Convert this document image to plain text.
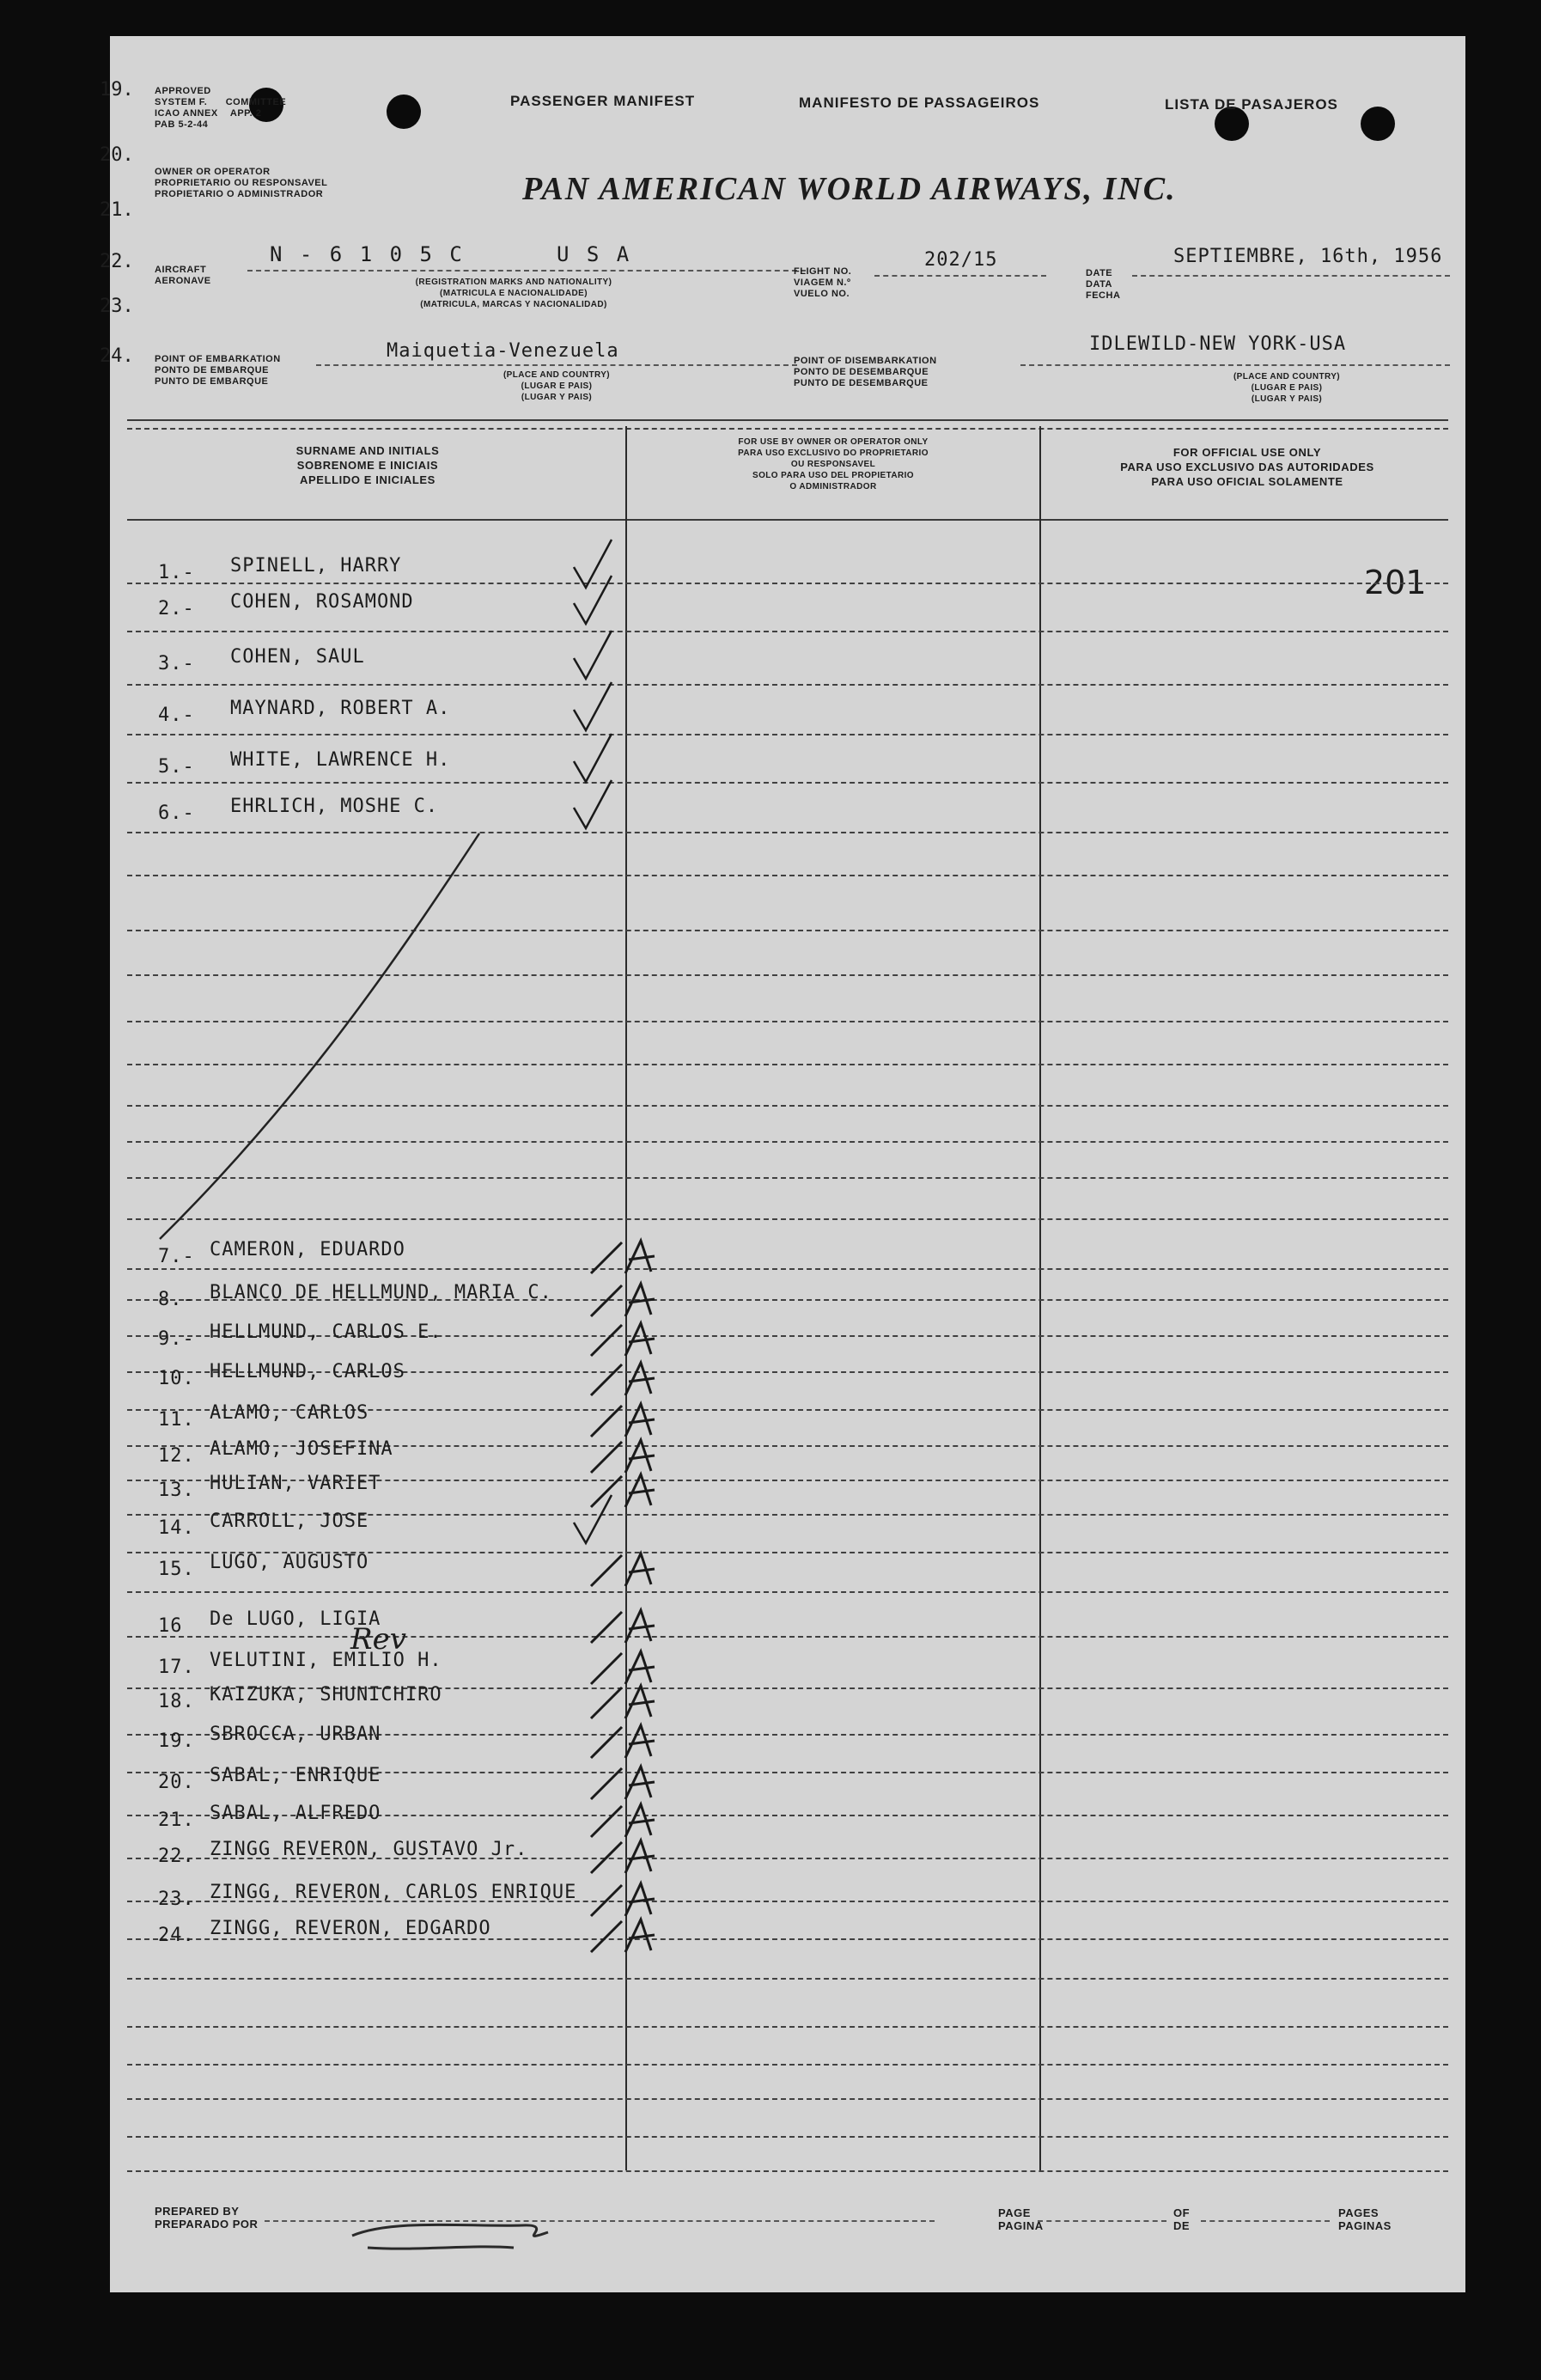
19.
20.
21.
22.
23.
24.
APPROVED
SYSTEM F. COMMITTEE
ICAO ANNEX APP. 2
PAB 5-2-44
PASSENGER MANIFEST	MANIFESTO DE PASSAGEIROS	LISTA DE PASAJEROS
OWNER OR OPERATOR
PROPRIETARIO OU RESPONSAVEL
PROPIETARIO O ADMINISTRADOR	PAN AMERICAN WORLD AIRWAYS, INC.
AIRCRAFT
AERONAVE
N - 6 1 0 5 C	U S A
(REGISTRATION MARKS AND NATIONALITY)
(MATRICULA E NACIONALIDADE)
(MATRICULA, MARCAS Y NACIONALIDAD)
FLIGHT NO.
VIAGEM N.º
VUELO NO.
202/15
DATE
DATA
FECHA
SEPTIEMBRE, 16th, 1956
POINT OF EMBARKATION
PONTO DE EMBARQUE
PUNTO DE EMBARQUE
Maiquetia-Venezuela
(PLACE AND COUNTRY)
(LUGAR E PAIS)
(LUGAR Y PAIS)
POINT OF DISEMBARKATION
PONTO DE DESEMBARQUE
PUNTO DE DESEMBARQUE
IDLEWILD-NEW YORK-USA
(PLACE AND COUNTRY)
(LUGAR E PAIS)
(LUGAR Y PAIS)
SURNAME AND INITIALS
SOBRENOME E INICIAIS
APELLIDO E INICIALES
FOR USE BY OWNER OR OPERATOR ONLY
PARA USO EXCLUSIVO DO PROPRIETARIO
OU RESPONSAVEL
SOLO PARA USO DEL PROPIETARIO
O ADMINISTRADOR
FOR OFFICIAL USE ONLY
PARA USO EXCLUSIVO DAS AUTORIDADES
PARA USO OFICIAL SOLAMENTE
201
1.- SPINELL, HARRY
2.- COHEN, ROSAMOND
3.- COHEN, SAUL
4.- MAYNARD, ROBERT A.
5.- WHITE, LAWRENCE H.
6.- EHRLICH, MOSHE C.
7.- CAMERON, EDUARDO
8.- BLANCO DE HELLMUND, MARIA C.
9.- HELLMUND, CARLOS E.
10. HELLMUND, CARLOS
11. ALAMO, CARLOS
12. ALAMO, JOSEFINA
13. HULIAN, VARIET
14. CARROLL, JOSE
15. LUGO, AUGUSTO
16 De LUGO, LIGIA
17. VELUTINI, EMILIO H.
18. KAIZUKA, SHUNICHIRO
19. SBROCCA, URBAN
20. SABAL, ENRIQUE
21. SABAL, ALFREDO
22. ZINGG REVERON, GUSTAVO Jr.
23. ZINGG, REVERON, CARLOS ENRIQUE
24. ZINGG, REVERON, EDGARDO
Rev
PREPARED BY
PREPARADO POR
PAGE
PAGINA
OF
DE
PAGES
PAGINAS
